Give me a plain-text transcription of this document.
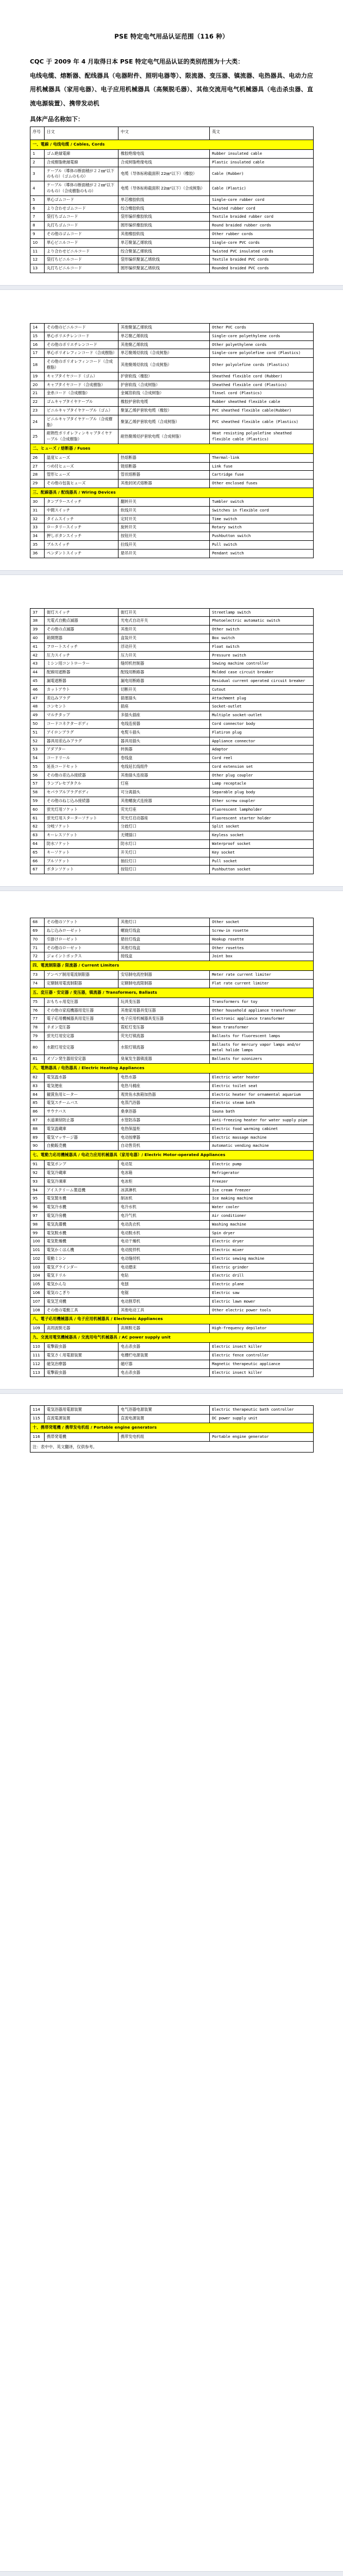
PSE 特定电气用品认证范围（116 种）

CQC 于 2009 年 4 月取得日本 PSE 特定电气用品认证的类别范围为十大类：

电线电缆、熔断器、配线器具（电器附件、照明电器等）、限流器、变压器、镇流器、电热器具、电动力应用机械器具（家用电器）、电子应用机械器具（高频脱毛器）、其他交流用电气机械器具（电击杀虫器、直流电源装置）、携带发动机

具体产品名称如下：

序号	日文	中文	英文
一、電線 / 电线电缆 / Cables, Cords			
1	ゴム絶縁電線	橡胶绝缘电线	Rubber insulated cable
2	合成樹脂絶縁電線	合成树脂绝缘电线	Plastic insulated cable
3	ケーブル（導体の断面積が２２㎜²以下のもの）（ゴムのもの）	电缆（导体标称截面积 22㎜²以下）（橡胶）	Cable (Rubber)
4	ケーブル（導体の断面積が２２㎜²以下のもの）（合成樹脂のもの）	电缆（导体标称截面积 22㎜²以下）（合成树脂）	Cable (Plastic)
5	単心ゴムコード	单芯橡胶软线	Single-core rubber cord
6	より合わせゴムコード	绞合橡胶软线	Twisted rubber cord
7	袋打ちゴムコード	袋形编织橡胶软线	Textile braided rubber cord
8	丸打ちゴムコード	圆形编织橡胶软线	Round braided rubber cords
9	その他のゴムコード	其他橡胶软线	Other rubber cords
10	単心ビニルコード	单芯聚氯乙烯软线	Single-core PVC cords
11	より合わせビニルコード	绞合聚氯乙烯软线	Twisted PVC insulated cords
12	袋打ちビニルコード	袋形编织聚氯乙烯软线	Textile braided PVC cords
13	丸打ちビニルコード	圆形编织聚氯乙烯软线	Rounded braided PVC cords
14	その他のビニルコード	其他聚氯乙烯软线	Other PVC cords
15	単心ポリエチレンコード	单芯聚乙烯软线	Single-core polyethylene cords
16	その他のポリエチレンコード	其他聚乙烯软线	Other polyethylene cords
17	単心ポリオレフィンコード（合成樹脂）	单芯聚烯烃软线（合成树脂）	Single-core polyolefine cord (Plastics)
18	その他のポリオレフィンコード（合成樹脂）	其他聚烯烃软线（合成树脂）	Other polyolefine cords (Plastics)
19	キャブタイヤコード（ゴム）	护套软线（橡胶）	Sheathed flexible cord (Rubber)
20	キャブタイヤコード（合成樹脂）	护套软线（合成树脂）	Sheathed flexible cord (Plastics)
21	金糸コード（合成樹脂）	金属箔软线（合成树脂）	Tinsel cord (Plastics)
22	ゴムキャブタイヤケーブル	橡胶护套软电缆	Rubber sheathed flexible cable
23	ビニルキャブタイヤケーブル（ゴム）	聚氯乙烯护套软电缆（橡胶）	PVC sheathed flexible cable(Rubber)
24	ビニルキャブタイヤケーブル（合成樹脂）	聚氯乙烯护套软电缆（合成树脂）	PVC sheathed flexible cable (Plastics)
25	耐熱性ポリオレフィンキャブタイヤケーブル（合成樹脂）	耐热聚烯烃护套软电缆（合成树脂）	Heat resisting polyolefine sheathed flexible cable (Plastics)
二、ヒューズ / 熔断器 / Fuses			
26	温度ヒューズ	热熔断器	Thermal-link
27	つめ付ヒューズ	链熔断器	Link fuse
28	管形ヒューズ	管状熔断器	Cartridge fuse
29	その他の包装ヒューズ	其他封闭式熔断器	Other enclosed fuses
三、配線器具 / 配线器具 / Wiring Devices			
30	タンブラースイッチ	翻转开关	Tumbler switch
31	中間スイッチ	软线开关	Switches in flexible cord
32	タイムスイッチ	定时开关	Time switch
33	ロータリースイッチ	旋转开关	Rotary switch
34	押しボタンスイッチ	按钮开关	Pushbutton switch
35	プルスイッチ	拉线开关	Pull switch
36	ペンダントスイッチ	悬吊开关	Pendant switch
37	街灯スイッチ	街灯开关	Streetlamp switch
38	光電式自動点滅器	光电式自动开关	Photoelectric automatic switch
39	その他の点滅器	其他开关	Other switch
40	箱開閉器	盒装开关	Box switch
41	フロートスイッチ	浮动开关	Float switch
42	圧力スイッチ	压力开关	Pressure switch
43	ミシン用コントローラー	缝纫机控制器	Sewing machine controller
44	配線用遮断器	配线用断路器	Molded case circuit breaker
45	漏電遮断器	漏电用断路器	Residual current operated circuit breaker
46	カットアウト	切断开关	Cutout
47	差込みプラグ	插塞插头	Attachment plug
48	コンセント	插座	Socket-outlet
49	マルチタップ	多插头插座	Multiple socket-outlet
50	コードコネクターボディ	电线连接器	Cord connector body
51	アイロンプラグ	电熨斗插头	Flatiron plug
52	器具用差込みプラグ	器具用插头	Appliance connector
53	アダプター	转换器	Adaptor
54	コードリール	卷线盘	Cord reel
55	延長コードセット	电线延长线组件	Cord extension set
56	その他の差込み接続器	其他插头连接器	Other plug coupler
57	ランプレセプタクル	灯座	Lamp receptacle
58	セパラブルプラグボディ	可分离插头	Separable plug body
59	その他のねじ込み接続器	其他螺旋式连接器	Other screw coupler
60	蛍光灯用ソケット	荧光灯座	Fluorescent lampholder
61	蛍光灯用スターターソケット	荧光灯启动器座	Fluorescent starter holder
62	分岐ソケット	分歧灯口	Split socket
63	キーレスソケット	无键插口	Keyless socket
64	防水ソケット	防水灯口	Waterproof socket
65	キーソケット	开关灯口	Key socket
66	プルソケット	抽拉灯口	Pull socket
67	ボタンソケット	按钮灯口	Pushbutton socket
68	その他のソケット	其他灯口	Other socket
69	ねじ込みローゼット	螺旋灯线盒	Screw-in rosette
70	引掛けローゼット	悬挂灯线盒	Hookup rosette
71	その他のローゼット	其他灯线盒	Other rosettes
72	ジョイントボックス	接线盒	Joint box
四、電流制限器 / 限流器 / Current Limiters			
73	アンペア制用電流制限器	安培制电流控制器	Meter rate current limiter
74	定額制用電流制限器	定额制电流限制器	Flat rate current limiter
五、変圧器・安定器 / 变压器，镇流器 / Transformers, Ballasts			
75	おもちゃ用変圧器	玩具变压器	Transformers for toy
76	その他の家庭機器用変圧器	其他家用器具变压器	Other household appliance transformer
77	電子応用機械器具用変圧器	电子应用机械器具变压器	Electronic appliance transformer
78	ネオン変圧器	霓虹灯变压器	Neon transformer
79	蛍光灯用安定器	荧光灯镇流器	Ballasts for fluorescent lamps
80	水銀灯用安定器	水银灯镇流器	Ballasts for mercury vapor lamps and/or metal halide lamps
81	オゾン発生器用安定器	臭氧发生器镇流器	Ballasts for ozonizers
六、電熱器具 / 电热器具 / Electric Heating Appliances			
82	電気温水器	电热水器	Electric water heater
83	電気便座	电热马桶座	Electric toilet seat
84	観賞魚用ヒーター	观赏鱼水族箱加热器	Electric heater for ornamental aquarium
85	電気スチームバス	电蒸汽浴器	Electric steam bath
86	サウナバス	桑拿浴器	Sauna bath
87	水道凍結防止器	水管防冻器	Anti-freezing heater for water supply pipe
88	電気温蔵庫	电热保温柜	Electric food warming cabinet
89	電気マッサージ器	电动按摩器	Electric massage machine
90	自動販売機	自动售货机	Automatic vending machine
七、電動力応用機械器具 / 电动力应用机械器具（家用电器）/ Electric Motor-operated Appliances			
91	電気ポンプ	电动泵	Electric pump
92	電気冷蔵庫	电冰箱	Refrigerator
93	電気冷凍庫	电冰柜	Freezer
94	アイスクリーム製造機	冰淇淋机	Ice cream freezer
95	電気製氷機	制冰机	Ice making machine
96	電気冷水機	电冷水机	Water cooler
97	電気冷房機	电冷气机	Air conditioner
98	電気洗濯機	电动洗衣机	Washing machine
99	電気脱水機	电动脱水机	Spin dryer
100	電気乾燥機	电动干燥机	Electric dryer
101	電気かくはん機	电动搅拌机	Electric mixer
102	電動ミシン	电动缝纫机	Electric sewing machine
103	電気グラインダー	电动磨床	Electric grinder
104	電気ドリル	电钻	Electric drill
105	電気かんな	电刨	Electric plane
106	電気のこぎり	电锯	Electric saw
107	電気芝刈機	电动割草机	Electric lawn mower
108	その他の電動工具	其他电动工具	Other electric power tools
八、電子応用機械器具 / 电子应用机械器具 / Electronic Appliances			
109	高周波脱毛器	高频脱毛器	High-frequency depilator
九、交流用電気機械器具 / 交流用电气机械器具 / AC power supply unit			
110	電撃殺虫器	电击杀虫器	Electric insect killer
111	電気さく用電源装置	电栅栏电源装置	Electric fence controller
112	磁気治療器	磁疗器	Magnetic therapeutic appliance
113	電撃殺虫器	电击杀虫器	Electric insect killer
114	電気浴器用電源装置	电气浴器电源装置	Electric therapeutic bath controller
115	直流電源装置	直流电源装置	DC power supply unit
十、携帯発電機 / 携带发电机组 / Portable engine generators			
116	携帯発電機	携带发电机组	Portable engine generator
注：表中中、英文翻译，仅供参考。			
